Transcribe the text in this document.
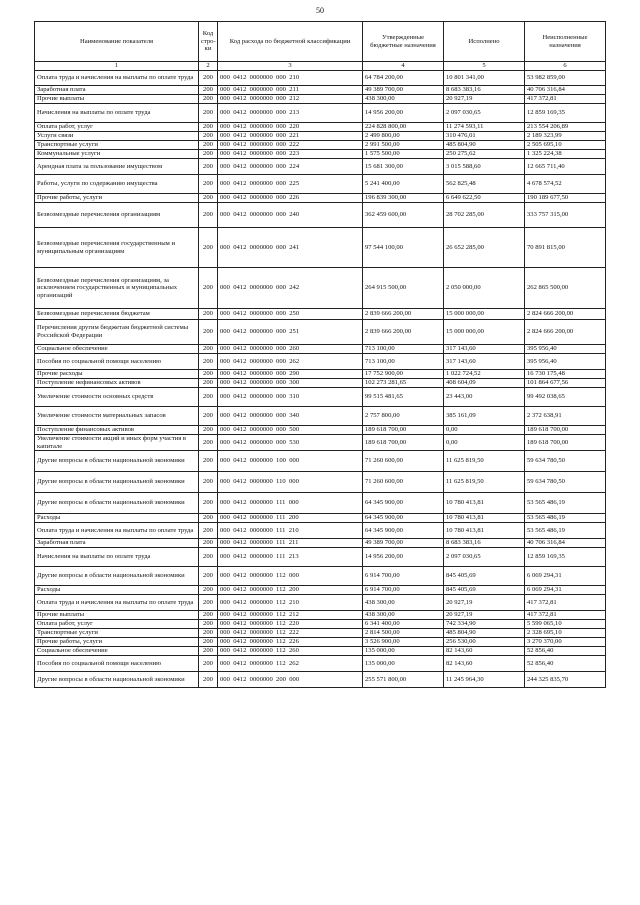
50
Наименование показателя	Код стро-ки	Код расхода по бюджетной классификации	Утвержденные бюджетные назначения	Исполнено	Неисполненные назначения
1	2	3	4	5	6
Оплата труда и начисления на выплаты по оплате труда	200	000  0412  0000000  000  210	64 784 200,00	10 801 341,00	53 982 859,00
Заработная плата	200	000  0412  0000000  000  211	49 389 700,00	8 683 383,16	40 706 316,84
Прочие выплаты	200	000  0412  0000000  000  212	438 300,00	20 927,19	417 372,81
Начисления на выплаты по оплате труда	200	000  0412  0000000  000  213	14 956 200,00	2 097 030,65	12 859 169,35
Оплата работ, услуг	200	000  0412  0000000  000  220	224 828 800,00	11 274 593,11	213 554 206,89
Услуги связи	200	000  0412  0000000  000  221	2 499 800,00	310 476,01	2 189 323,99
Транспортные услуги	200	000  0412  0000000  000  222	2 991 500,00	485 804,90	2 505 695,10
Коммунальные услуги	200	000  0412  0000000  000  223	1 575 500,00	250 275,62	1 325 224,38
Арендная плата за пользование имуществом	200	000  0412  0000000  000  224	15 681 300,00	3 015 588,60	12 665 711,40
Работы, услуги по содержанию имущества	200	000  0412  0000000  000  225	5 241 400,00	562 825,48	4 678 574,52
Прочие работы, услуги	200	000  0412  0000000  000  226	196 839 300,00	6 649 622,50	190 189 677,50
Безвозмездные перечисления организациям	200	000  0412  0000000  000  240	362 459 600,00	28 702 285,00	333 757 315,00
Безвозмездные перечисления государственным и муниципальным организациям	200	000  0412  0000000  000  241	97 544 100,00	26 652 285,00	70 891 815,00
Безвозмездные перечисления организациям, за исключением государственных и муниципальных организаций	200	000  0412  0000000  000  242	264 915 500,00	2 050 000,00	262 865 500,00
Безвозмездные перечисления бюджетам	200	000  0412  0000000  000  250	2 839 666 200,00	15 000 000,00	2 824 666 200,00
Перечисления другим бюджетам бюджетной системы Российской Федерации	200	000  0412  0000000  000  251	2 839 666 200,00	15 000 000,00	2 824 666 200,00
Социальное обеспечение	200	000  0412  0000000  000  260	713 100,00	317 143,60	395 956,40
Пособия по социальной помощи населению	200	000  0412  0000000  000  262	713 100,00	317 143,60	395 956,40
Прочие расходы	200	000  0412  0000000  000  290	17 752 900,00	1 022 724,52	16 730 175,48
Поступление нефинансовых активов	200	000  0412  0000000  000  300	102 273 281,65	408 604,09	101 864 677,56
Увеличение стоимости основных средств	200	000  0412  0000000  000  310	99 515 481,65	23 443,00	99 492 038,65
Увеличение стоимости материальных запасов	200	000  0412  0000000  000  340	2 757 800,00	385 161,09	2 372 638,91
Поступление финансовых активов	200	000  0412  0000000  000  500	189 618 700,00	0,00	189 618 700,00
Увеличение стоимости акций и иных форм участия в капитале	200	000  0412  0000000  000  530	189 618 700,00	0,00	189 618 700,00
Другие вопросы в области национальной экономики	200	000  0412  0000000  100  000	71 260 600,00	11 625 819,50	59 634 780,50
Другие вопросы в области национальной экономики	200	000  0412  0000000  110  000	71 260 600,00	11 625 819,50	59 634 780,50
Другие вопросы в области национальной экономики	200	000  0412  0000000  111  000	64 345 900,00	10 780 413,81	53 565 486,19
Расходы	200	000  0412  0000000  111  200	64 345 900,00	10 780 413,81	53 565 486,19
Оплата труда и начисления на выплаты по оплате труда	200	000  0412  0000000  111  210	64 345 900,00	10 780 413,81	53 565 486,19
Заработная плата	200	000  0412  0000000  111  211	49 389 700,00	8 683 383,16	40 706 316,84
Начисления на выплаты по оплате труда	200	000  0412  0000000  111  213	14 956 200,00	2 097 030,65	12 859 169,35
Другие вопросы в области национальной экономики	200	000  0412  0000000  112  000	6 914 700,00	845 405,69	6 069 294,31
Расходы	200	000  0412  0000000  112  200	6 914 700,00	845 405,69	6 069 294,31
Оплата труда и начисления на выплаты по оплате труда	200	000  0412  0000000  112  210	438 300,00	20 927,19	417 372,81
Прочие выплаты	200	000  0412  0000000  112  212	438 300,00	20 927,19	417 372,81
Оплата работ, услуг	200	000  0412  0000000  112  220	6 341 400,00	742 334,90	5 599 065,10
Транспортные услуги	200	000  0412  0000000  112  222	2 814 500,00	485 804,90	2 328 695,10
Прочие работы, услуги	200	000  0412  0000000  112  226	3 526 900,00	256 530,00	3 270 370,00
Социальное обеспечение	200	000  0412  0000000  112  260	135 000,00	82 143,60	52 856,40
Пособия по социальной помощи населению	200	000  0412  0000000  112  262	135 000,00	82 143,60	52 856,40
Другие вопросы в области национальной экономики	200	000  0412  0000000  200  000	255 571 800,00	11 245 964,30	244 325 835,70
